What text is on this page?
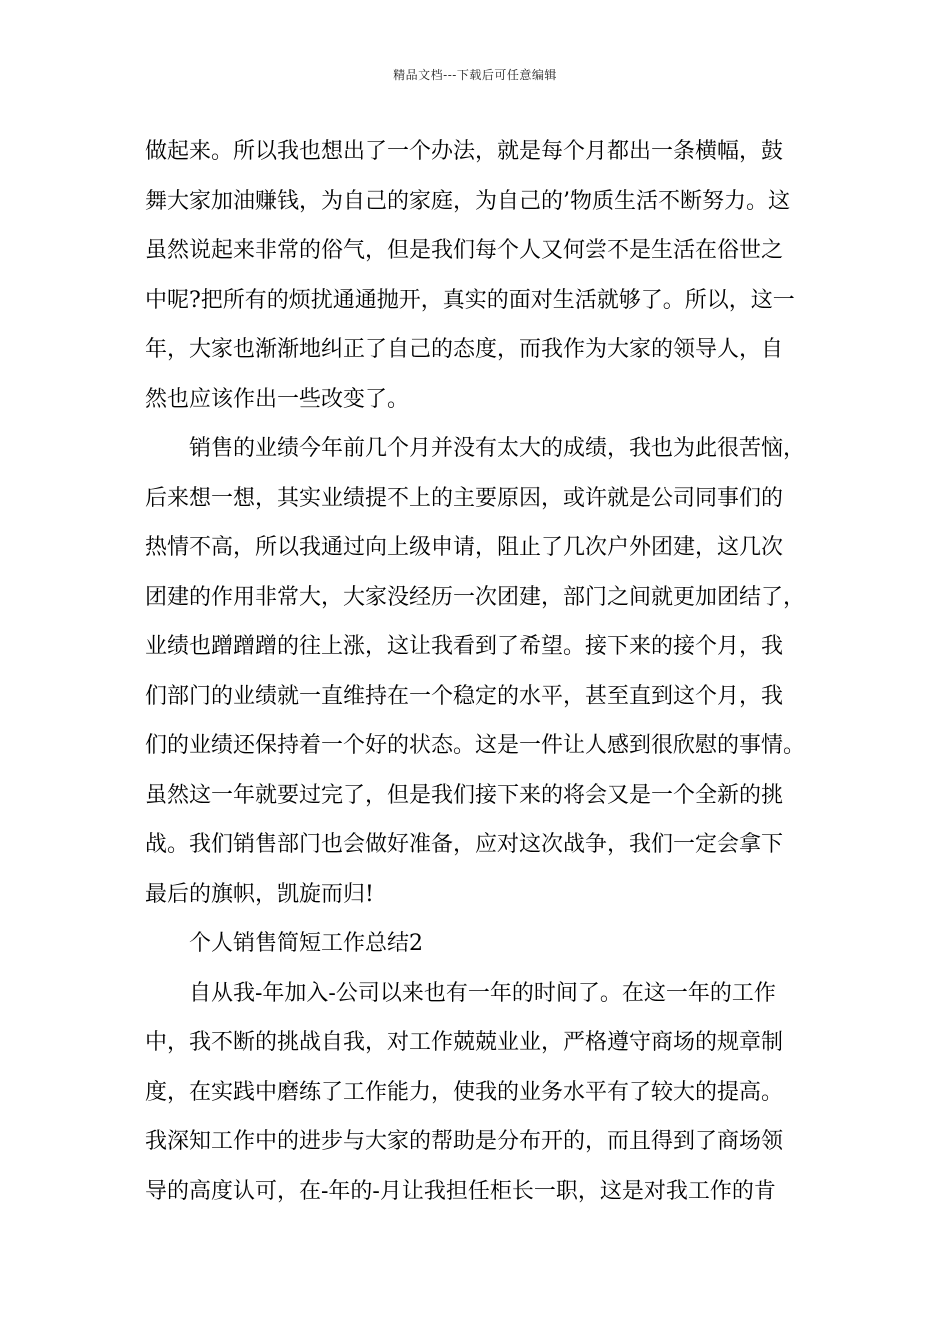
精品文档---下载后可任意编辑
做起来。所以我也想出了一个办法，就是每个月都出一条横幅，鼓
舞大家加油赚钱，为自己的家庭，为自己的’物质生活不断努力。这
虽然说起来非常的俗气，但是我们每个人又何尝不是生活在俗世之
中呢?把所有的烦扰通通抛开，真实的面对生活就够了。所以，这一
年，大家也渐渐地纠正了自己的态度，而我作为大家的领导人，自
然也应该作出一些改变了。
销售的业绩今年前几个月并没有太大的成绩，我也为此很苦恼，
后来想一想，其实业绩提不上的主要原因，或许就是公司同事们的
热情不高，所以我通过向上级申请，阻止了几次户外团建，这几次
团建的作用非常大，大家没经历一次团建，部门之间就更加团结了，
业绩也蹭蹭蹭的往上涨，这让我看到了希望。接下来的接个月，我
们部门的业绩就一直维持在一个稳定的水平，甚至直到这个月，我
们的业绩还保持着一个好的状态。这是一件让人感到很欣慰的事情。
虽然这一年就要过完了，但是我们接下来的将会又是一个全新的挑
战。我们销售部门也会做好准备，应对这次战争，我们一定会拿下
最后的旗帜，凯旋而归!
个人销售简短工作总结2
自从我-年加入-公司以来也有一年的时间了。在这一年的工作
中，我不断的挑战自我，对工作兢兢业业，严格遵守商场的规章制
度，在实践中磨练了工作能力，使我的业务水平有了较大的提高。
我深知工作中的进步与大家的帮助是分布开的，而且得到了商场领
导的高度认可，在-年的-月让我担任柜长一职，这是对我工作的肯
